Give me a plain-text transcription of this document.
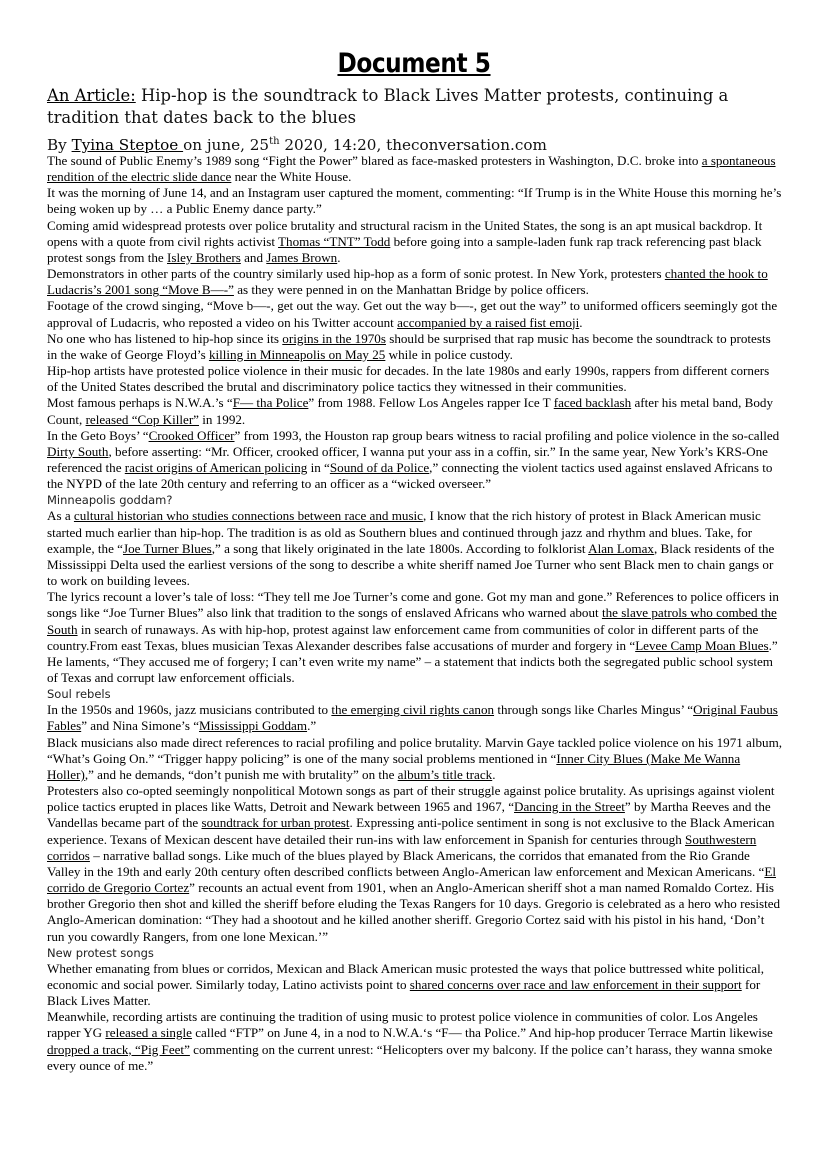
Document 5
An Article: Hip-hop is the soundtrack to Black Lives Matter protests, continuing a tradition that dates back to the blues
By Tyina Steptoe on june, 25th 2020, 14:20, theconversation.com

The sound of Public Enemy’s 1989 song “Fight the Power” blared as face-masked protesters in Washington, D.C. broke into a spontaneous rendition of the electric slide dance near the White House.

It was the morning of June 14, and an Instagram user captured the moment, commenting: “If Trump is in the White House this morning he’s being woken up by … a Public Enemy dance party.”

Coming amid widespread protests over police brutality and structural racism in the United States, the song is an apt musical backdrop. It opens with a quote from civil rights activist Thomas “TNT” Todd before going into a sample-laden funk rap track referencing past black protest songs from the Isley Brothers and James Brown.

Demonstrators in other parts of the country similarly used hip-hop as a form of sonic protest. In New York, protesters chanted the hook to Ludacris’s 2001 song “Move B—-” as they were penned in on the Manhattan Bridge by police officers.

Footage of the crowd singing, “Move b—-, get out the way. Get out the way b—-, get out the way” to uniformed officers seemingly got the approval of Ludacris, who reposted a video on his Twitter account accompanied by a raised fist emoji.

No one who has listened to hip-hop since its origins in the 1970s should be surprised that rap music has become the soundtrack to protests in the wake of George Floyd’s killing in Minneapolis on May 25 while in police custody.

Hip-hop artists have protested police violence in their music for decades. In the late 1980s and early 1990s, rappers from different corners of the United States described the brutal and discriminatory police tactics they witnessed in their communities.

Most famous perhaps is N.W.A.’s “F— tha Police” from 1988. Fellow Los Angeles rapper Ice T faced backlash after his metal band, Body Count, released “Cop Killer” in 1992.

In the Geto Boys’ “Crooked Officer” from 1993, the Houston rap group bears witness to racial profiling and police violence in the so-called Dirty South, before asserting: “Mr. Officer, crooked officer, I wanna put your ass in a coffin, sir.” In the same year, New York’s KRS-One referenced the racist origins of American policing in “Sound of da Police,” connecting the violent tactics used against enslaved Africans to the NYPD of the late 20th century and referring to an officer as a “wicked overseer.”

Minneapolis goddam?

As a cultural historian who studies connections between race and music, I know that the rich history of protest in Black American music started much earlier than hip-hop. The tradition is as old as Southern blues and continued through jazz and rhythm and blues. Take, for example, the “Joe Turner Blues,” a song that likely originated in the late 1800s. According to folklorist Alan Lomax, Black residents of the Mississippi Delta used the earliest versions of the song to describe a white sheriff named Joe Turner who sent Black men to chain gangs or to work on building levees.

The lyrics recount a lover’s tale of loss: “They tell me Joe Turner’s come and gone. Got my man and gone.” References to police officers in songs like “Joe Turner Blues” also link that tradition to the songs of enslaved Africans who warned about the slave patrols who combed the South in search of runaways. As with hip-hop, protest against law enforcement came from communities of color in different parts of the country.From east Texas, blues musician Texas Alexander describes false accusations of murder and forgery in “Levee Camp Moan Blues.” He laments, “They accused me of forgery; I can’t even write my name” – a statement that indicts both the segregated public school system of Texas and corrupt law enforcement officials.

Soul rebels

In the 1950s and 1960s, jazz musicians contributed to the emerging civil rights canon through songs like Charles Mingus’ “Original Faubus Fables” and Nina Simone’s “Mississippi Goddam.”

Black musicians also made direct references to racial profiling and police brutality. Marvin Gaye tackled police violence on his 1971 album, “What’s Going On.” “Trigger happy policing” is one of the many social problems mentioned in “Inner City Blues (Make Me Wanna Holler),” and he demands, “don’t punish me with brutality” on the album’s title track.

Protesters also co-opted seemingly nonpolitical Motown songs as part of their struggle against police brutality. As uprisings against violent police tactics erupted in places like Watts, Detroit and Newark between 1965 and 1967, “Dancing in the Street” by Martha Reeves and the Vandellas became part of the soundtrack for urban protest. Expressing anti-police sentiment in song is not exclusive to the Black American experience. Texans of Mexican descent have detailed their run-ins with law enforcement in Spanish for centuries through Southwestern corridos – narrative ballad songs. Like much of the blues played by Black Americans, the corridos that emanated from the Rio Grande Valley in the 19th and early 20th century often described conflicts between Anglo-American law enforcement and Mexican Americans. “El corrido de Gregorio Cortez” recounts an actual event from 1901, when an Anglo-American sheriff shot a man named Romaldo Cortez. His brother Gregorio then shot and killed the sheriff before eluding the Texas Rangers for 10 days. Gregorio is celebrated as a hero who resisted Anglo-American domination: “They had a shootout and he killed another sheriff. Gregorio Cortez said with his pistol in his hand, ‘Don’t run you cowardly Rangers, from one lone Mexican.’”

New protest songs

Whether emanating from blues or corridos, Mexican and Black American music protested the ways that police buttressed white political, economic and social power. Similarly today, Latino activists point to shared concerns over race and law enforcement in their support for Black Lives Matter.

Meanwhile, recording artists are continuing the tradition of using music to protest police violence in communities of color. Los Angeles rapper YG released a single called “FTP” on June 4, in a nod to N.W.A.‘s “F— tha Police.” And hip-hop producer Terrace Martin likewise dropped a track, “Pig Feet” commenting on the current unrest: “Helicopters over my balcony. If the police can’t harass, they wanna smoke every ounce of me.”
